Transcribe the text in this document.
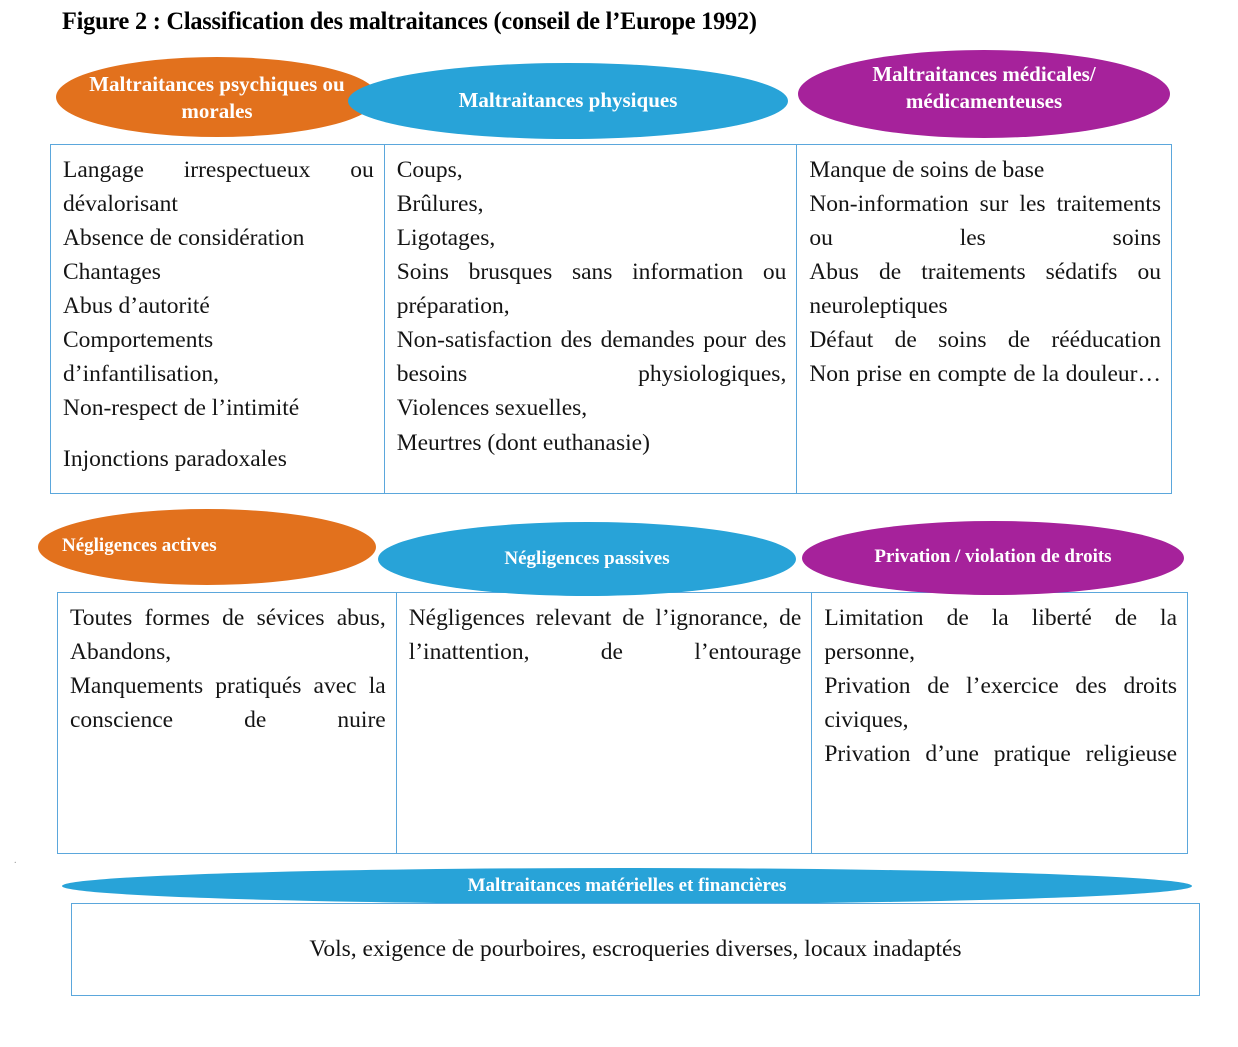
Figure 2 : Classification des maltraitances (conseil de l’Europe 1992)

Langage irrespectueux ou dévalorisant

Absence de considération

Chantages

Abus d’autorité

Comportements d’infantilisation,

Non-respect de l’intimité

Injonctions paradoxales

Coups,

Brûlures,

Ligotages,

Soins brusques sans information ou préparation,

Non-satisfaction des demandes pour des besoins physiologiques,

Violences sexuelles,

Meurtres (dont euthanasie)

Manque de soins de base

Non-information sur les traitements ou les soins

Abus de traitements sédatifs ou neuroleptiques

Défaut de soins de rééducation

Non prise en compte de la douleur…

Maltraitances psychiques ou morales	Maltraitances physiques
Maltraitances médicales/ médicamenteuses

Toutes formes de sévices abus,

Abandons,

Manquements pratiqués avec la conscience de nuire

Négligences relevant de l’ignorance, de l’inattention, de l’entourage

Limitation de la liberté de la personne,

Privation de l’exercice des droits civiques,

Privation d’une pratique religieuse

Négligences actives
Négligences passives	Privation / violation de droits
Maltraitances matérielles et financières
Vols, exigence de pourboires, escroqueries diverses, locaux inadaptés
.
